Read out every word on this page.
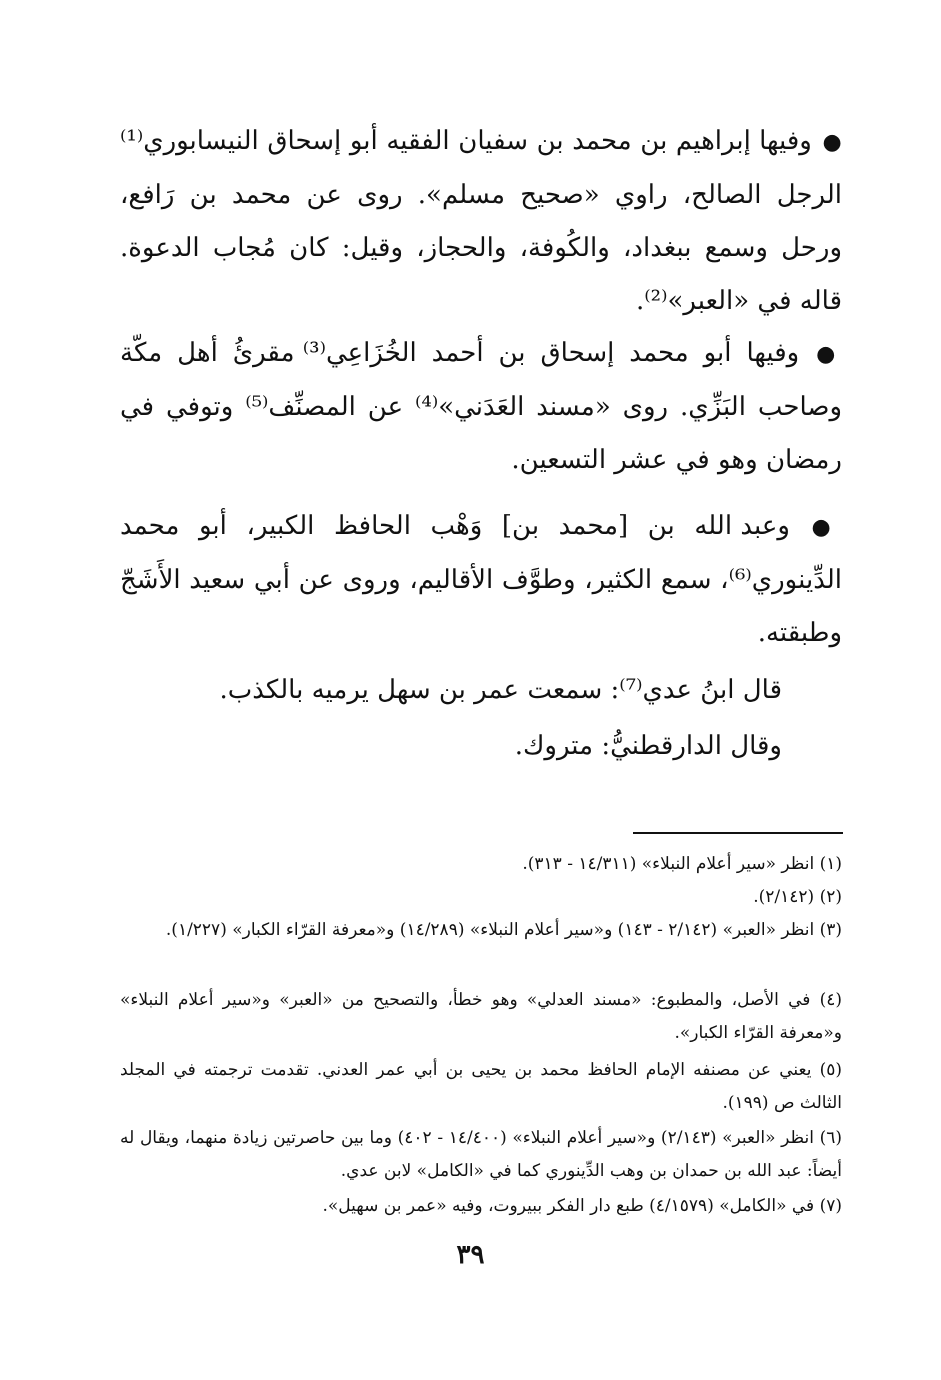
● وفيها إبراهيم بن محمد بن سفيان الفقيه أبو إسحاق النيسابوري⁽¹⁾ الرجل الصالح، راوي «صحيح مسلم». روى عن محمد بن رَافع، ورحل وسمع ببغداد، والكُوفة، والحجاز، وقيل: كان مُجاب الدعوة. قاله في «العبر»⁽²⁾.
● وفيها أبو محمد إسحاق بن أحمد الخُزَاعِي⁽³⁾ مقرئُ أهل مكّة وصاحب البَزِّي. روى «مسند العَدَني»⁽⁴⁾ عن المصنِّف⁽⁵⁾ وتوفي في رمضان وهو في عشر التسعين.
● وعبد الله بن [محمد بن] وَهْب الحافظ الكبير، أبو محمد الدِّينوري⁽⁶⁾، سمع الكثير، وطوَّف الأقاليم، وروى عن أبي سعيد الأَشَجّ وطبقته.
قال ابنُ عدي⁽⁷⁾: سمعت عمر بن سهل يرميه بالكذب.
وقال الدارقطنيُّ: متروك.
(١) انظر «سير أعلام النبلاء» (١٤/٣١١ - ٣١٣).
(٢) (٢/١٤٢).
(٣) انظر «العبر» (٢/١٤٢ - ١٤٣) و«سير أعلام النبلاء» (١٤/٢٨٩) و«معرفة القرّاء الكبار» (١/٢٢٧).
(٤) في الأصل، والمطبوع: «مسند العدلي» وهو خطأ، والتصحيح من «العبر» و«سير أعلام النبلاء» و«معرفة القرّاء الكبار».
(٥) يعني عن مصنفه الإمام الحافظ محمد بن يحيى بن أبي عمر العدني. تقدمت ترجمته في المجلد الثالث ص (١٩٩).
(٦) انظر «العبر» (٢/١٤٣) و«سير أعلام النبلاء» (١٤/٤٠٠ - ٤٠٢) وما بين حاصرتين زيادة منهما، ويقال له أيضاً: عبد الله بن حمدان بن وهب الدِّينوري كما في «الكامل» لابن عدي.
(٧) في «الكامل» (٤/١٥٧٩) طبع دار الفكر ببيروت، وفيه «عمر بن سهيل».
٣٩
